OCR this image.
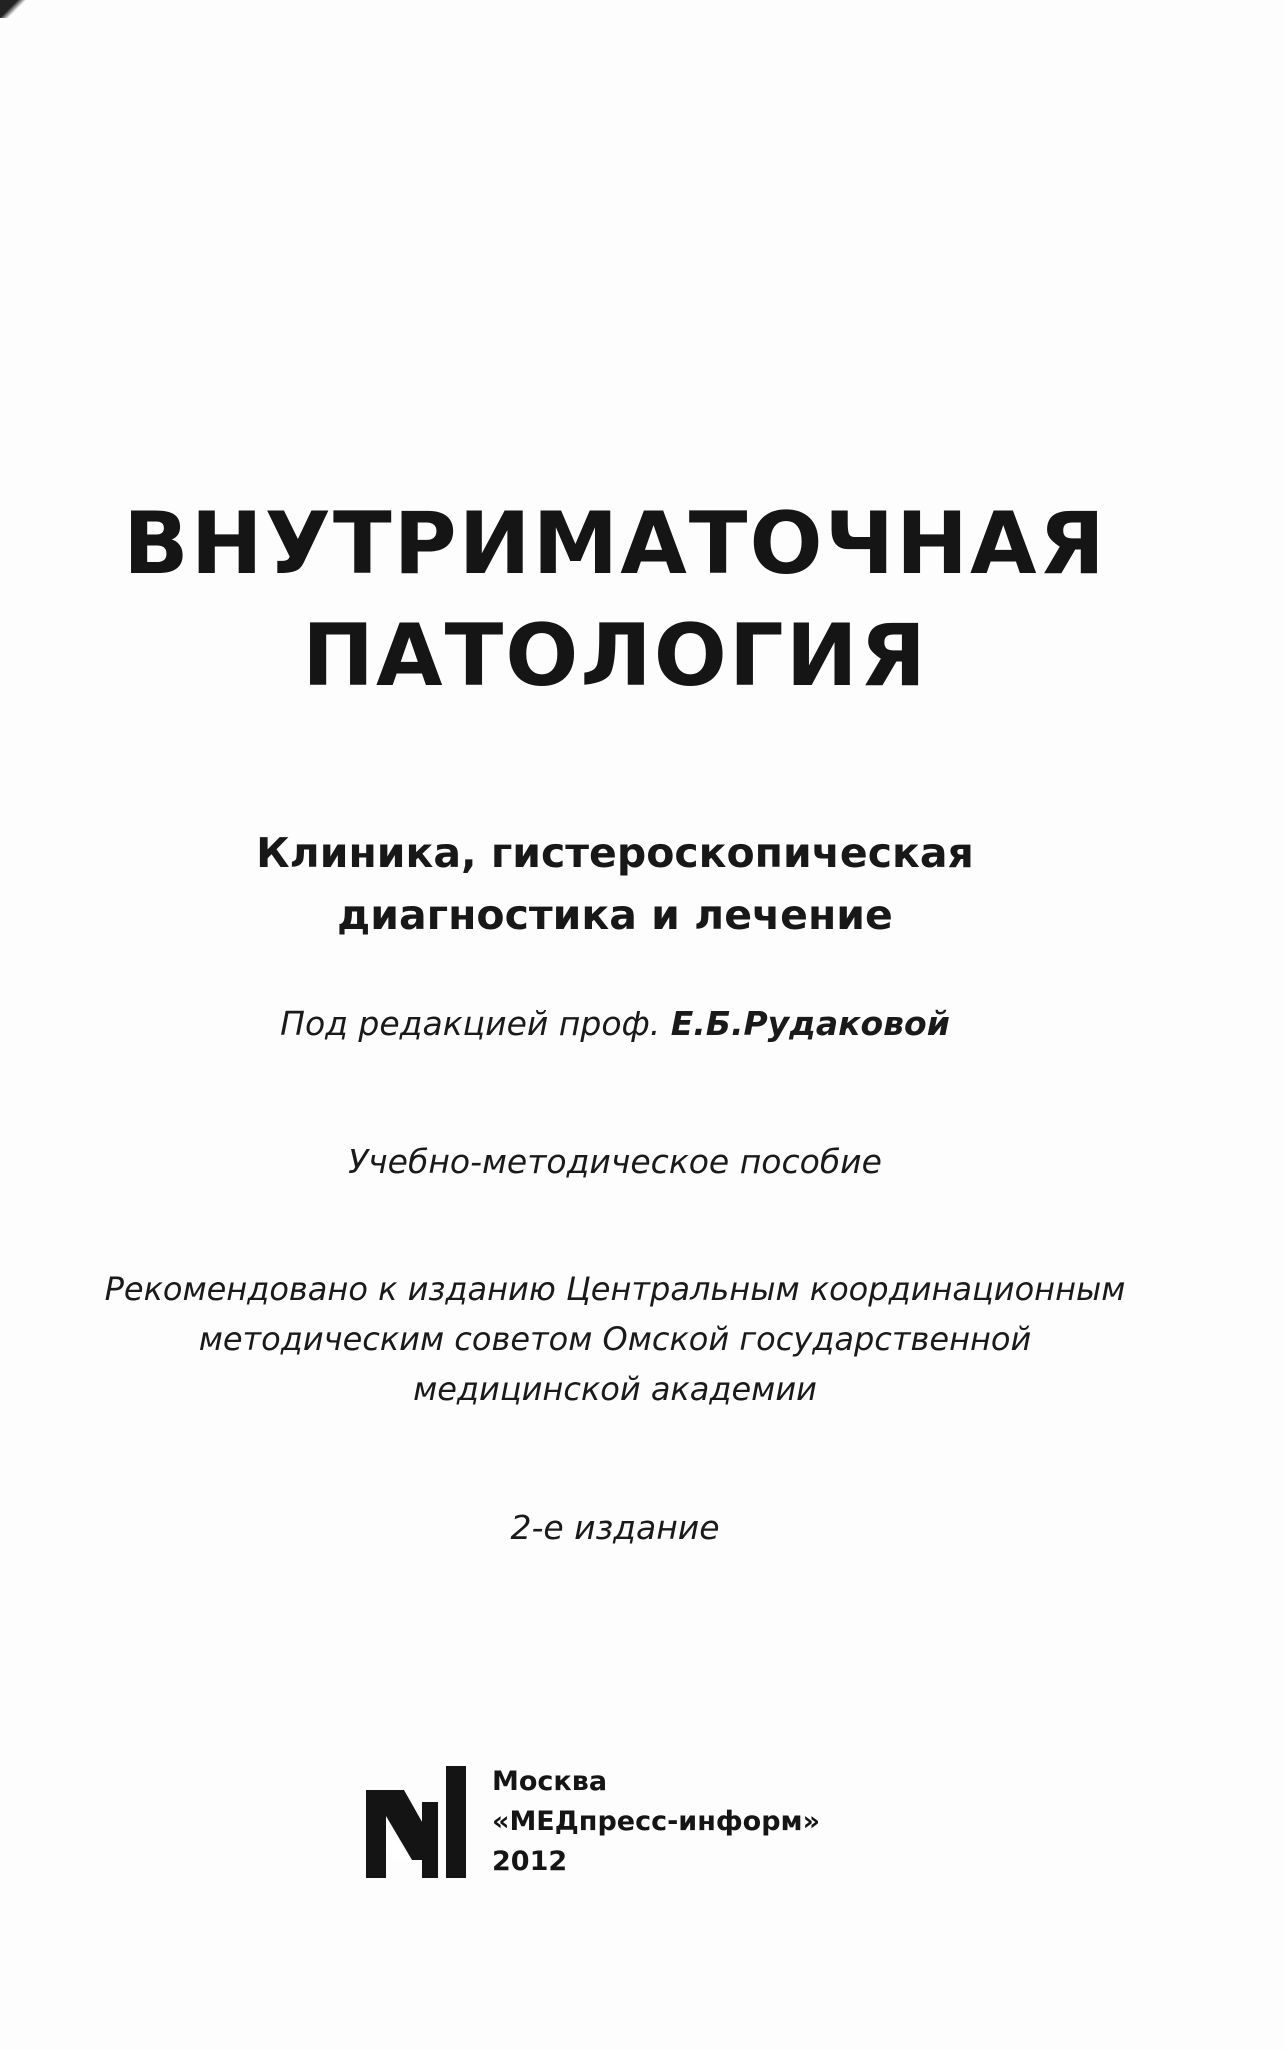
ВНУТРИМАТОЧНАЯ
ПАТОЛОГИЯ
Клиника, гистероскопическая
диагностика и лечение
Под редакцией проф. Е.Б.Рудаковой
Учебно-методическое пособие
Рекомендовано к изданию Центральным координационным
методическим советом Омской государственной
медицинской академии
2-е издание
Москва
«МЕДпресс-информ»
2012
